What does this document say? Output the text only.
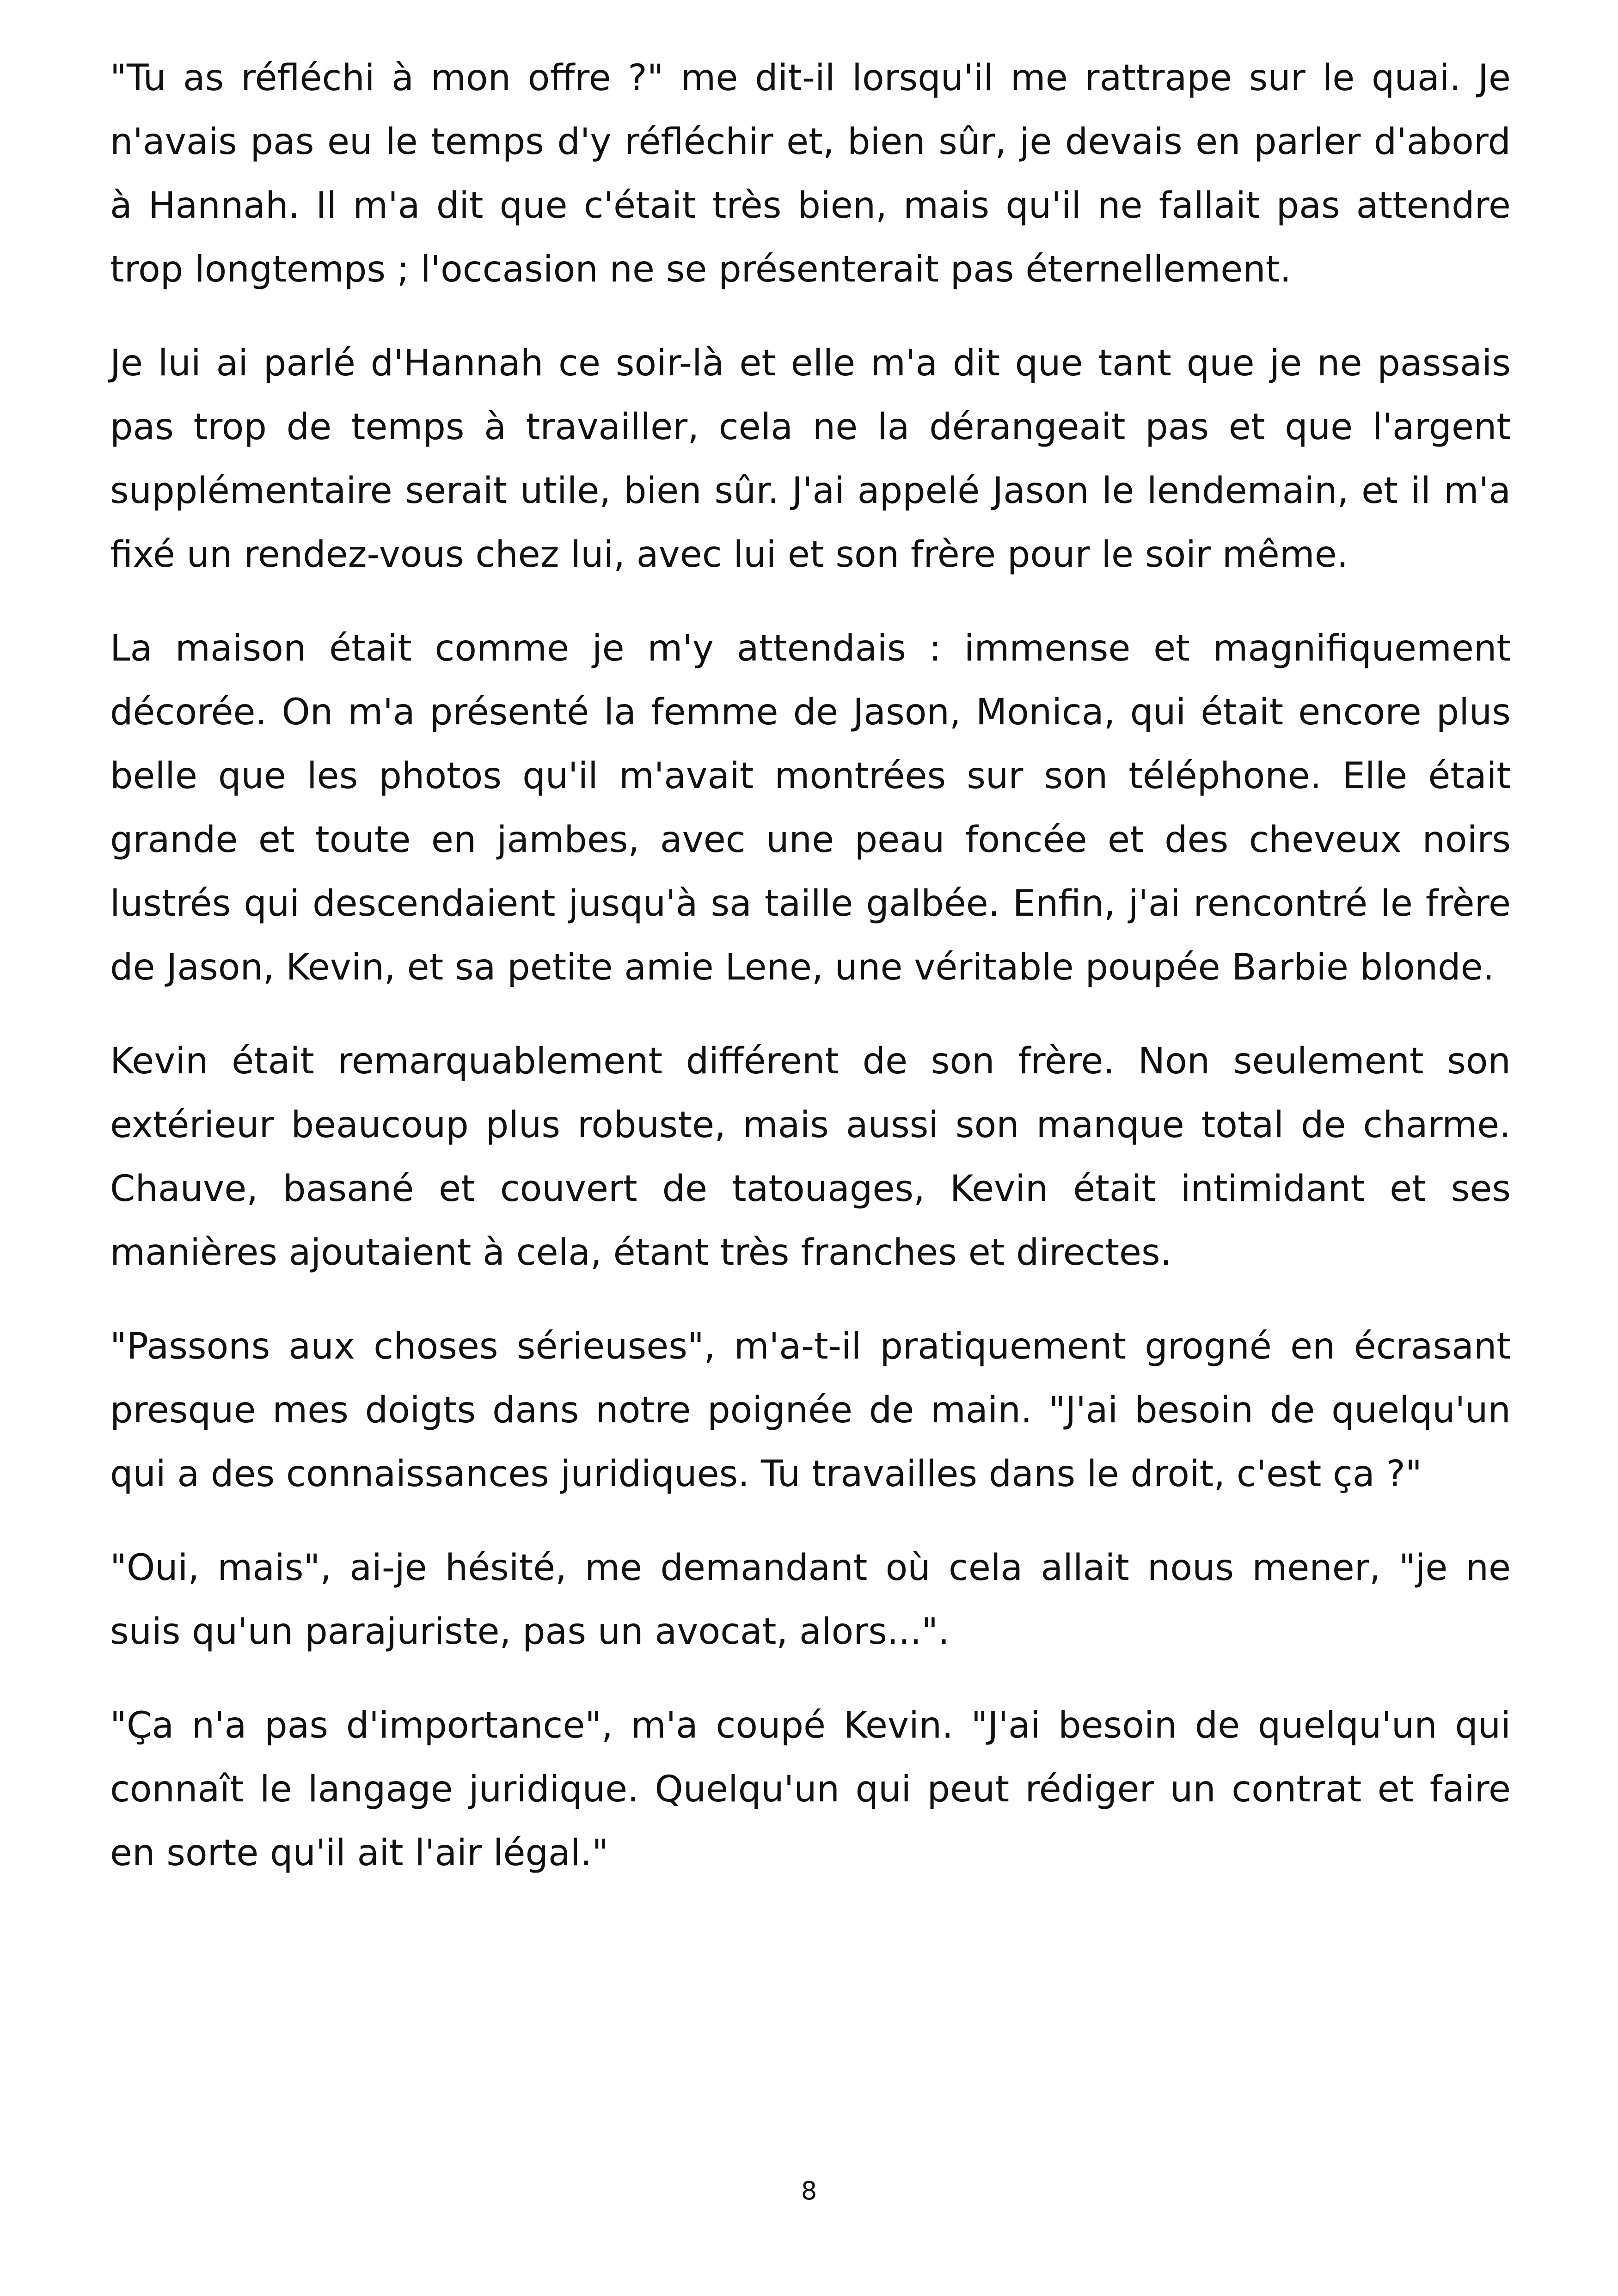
"Tu as réfléchi à mon offre ?" me dit-il lorsqu'il me rattrape sur le quai. Je n'avais pas eu le temps d'y réfléchir et, bien sûr, je devais en parler d'abord à Hannah. Il m'a dit que c'était très bien, mais qu'il ne fallait pas attendre trop longtemps ; l'occasion ne se présenterait pas éternellement.

Je lui ai parlé d'Hannah ce soir-là et elle m'a dit que tant que je ne passais pas trop de temps à travailler, cela ne la dérangeait pas et que l'argent supplémentaire serait utile, bien sûr. J'ai appelé Jason le lendemain, et il m'a fixé un rendez-vous chez lui, avec lui et son frère pour le soir même.

La maison était comme je m'y attendais : immense et magnifiquement décorée. On m'a présenté la femme de Jason, Monica, qui était encore plus belle que les photos qu'il m'avait montrées sur son téléphone. Elle était grande et toute en jambes, avec une peau foncée et des cheveux noirs lustrés qui descendaient jusqu'à sa taille galbée. Enfin, j'ai rencontré le frère de Jason, Kevin, et sa petite amie Lene, une véritable poupée Barbie blonde.

Kevin était remarquablement différent de son frère. Non seulement son extérieur beaucoup plus robuste, mais aussi son manque total de charme. Chauve, basané et couvert de tatouages, Kevin était intimidant et ses manières ajoutaient à cela, étant très franches et directes.

"Passons aux choses sérieuses", m'a-t-il pratiquement grogné en écrasant presque mes doigts dans notre poignée de main. "J'ai besoin de quelqu'un qui a des connaissances juridiques. Tu travailles dans le droit, c'est ça ?"

"Oui, mais", ai-je hésité, me demandant où cela allait nous mener, "je ne suis qu'un parajuriste, pas un avocat, alors...".

"Ça n'a pas d'importance", m'a coupé Kevin. "J'ai besoin de quelqu'un qui connaît le langage juridique. Quelqu'un qui peut rédiger un contrat et faire en sorte qu'il ait l'air légal."

8
